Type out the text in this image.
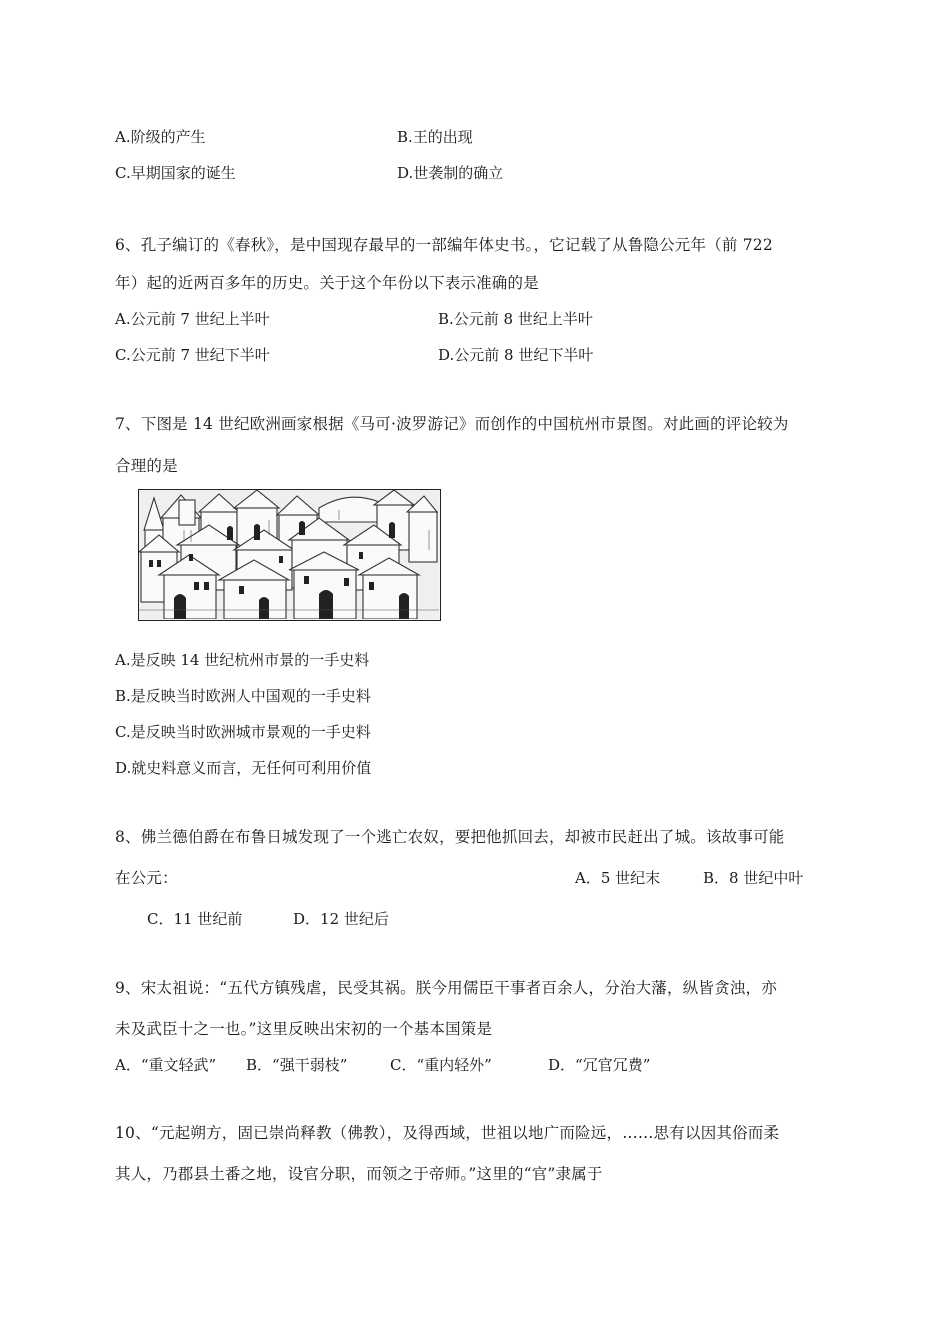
A.阶级的产生	B.王的出现
C.早期国家的诞生	D.世袭制的确立
6、孔子编订的《春秋》，是中国现存最早的一部编年体史书。，它记载了从鲁隐公元年（前 722
年）起的近两百多年的历史。关于这个年份以下表示准确的是
A.公元前 7 世纪上半叶	B.公元前 8 世纪上半叶
C.公元前 7 世纪下半叶	D.公元前 8 世纪下半叶
7、下图是 14 世纪欧洲画家根据《马可·波罗游记》而创作的中国杭州市景图。对此画的评论较为
合理的是
A.是反映 14 世纪杭州市景的一手史料
B.是反映当时欧洲人中国观的一手史料
C.是反映当时欧洲城市景观的一手史料
D.就史料意义而言，无任何可利用价值
8、佛兰德伯爵在布鲁日城发现了一个逃亡农奴，要把他抓回去，却被市民赶出了城。该故事可能
在公元：	A．5 世纪末	B．8 世纪中叶
C．11 世纪前	D．12 世纪后
9、宋太祖说：“五代方镇残虐，民受其祸。朕今用儒臣干事者百余人，分治大藩，纵皆贪浊，亦
未及武臣十之一也。”这里反映出宋初的一个基本国策是
A．“重文轻武” B．“强干弱枝”	C．“重内轻外”	D．“冗官冗费”
10、“元起朔方，固已崇尚释教（佛教），及得西域，世祖以地广而险远，……思有以因其俗而柔
其人，乃郡县土番之地，设官分职，而领之于帝师。”这里的“官”隶属于
